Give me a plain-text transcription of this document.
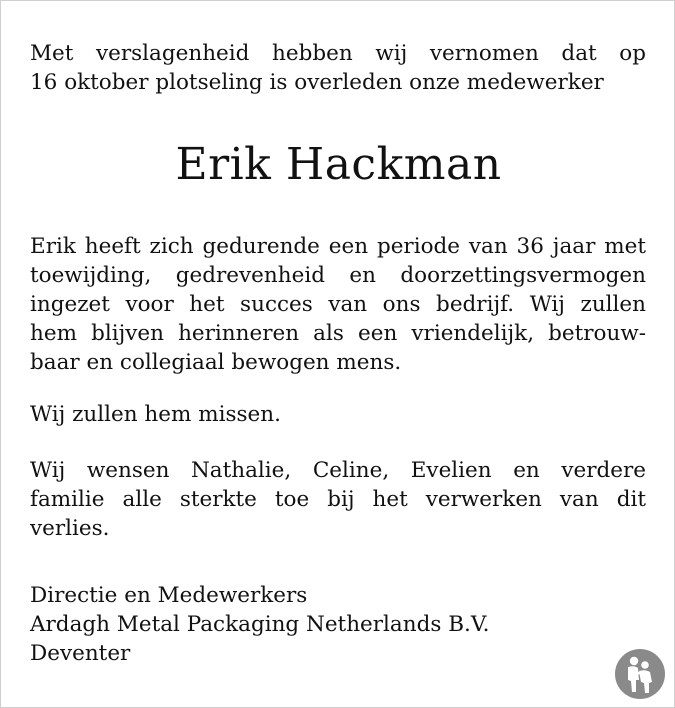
Met verslagenheid hebben wij vernomen dat op
16 oktober plotseling is overleden onze medewerker

Erik Hackman

Erik heeft zich gedurende een periode van 36 jaar met
toewijding, gedrevenheid en doorzettingsvermogen
ingezet voor het succes van ons bedrijf. Wij zullen
hem blijven herinneren als een vriendelijk, betrouw-
baar en collegiaal bewogen mens.

Wij zullen hem missen.

Wij wensen Nathalie, Celine, Evelien en verdere
familie alle sterkte toe bij het verwerken van dit
verlies.

Directie en Medewerkers
Ardagh Metal Packaging Netherlands B.V.
Deventer
